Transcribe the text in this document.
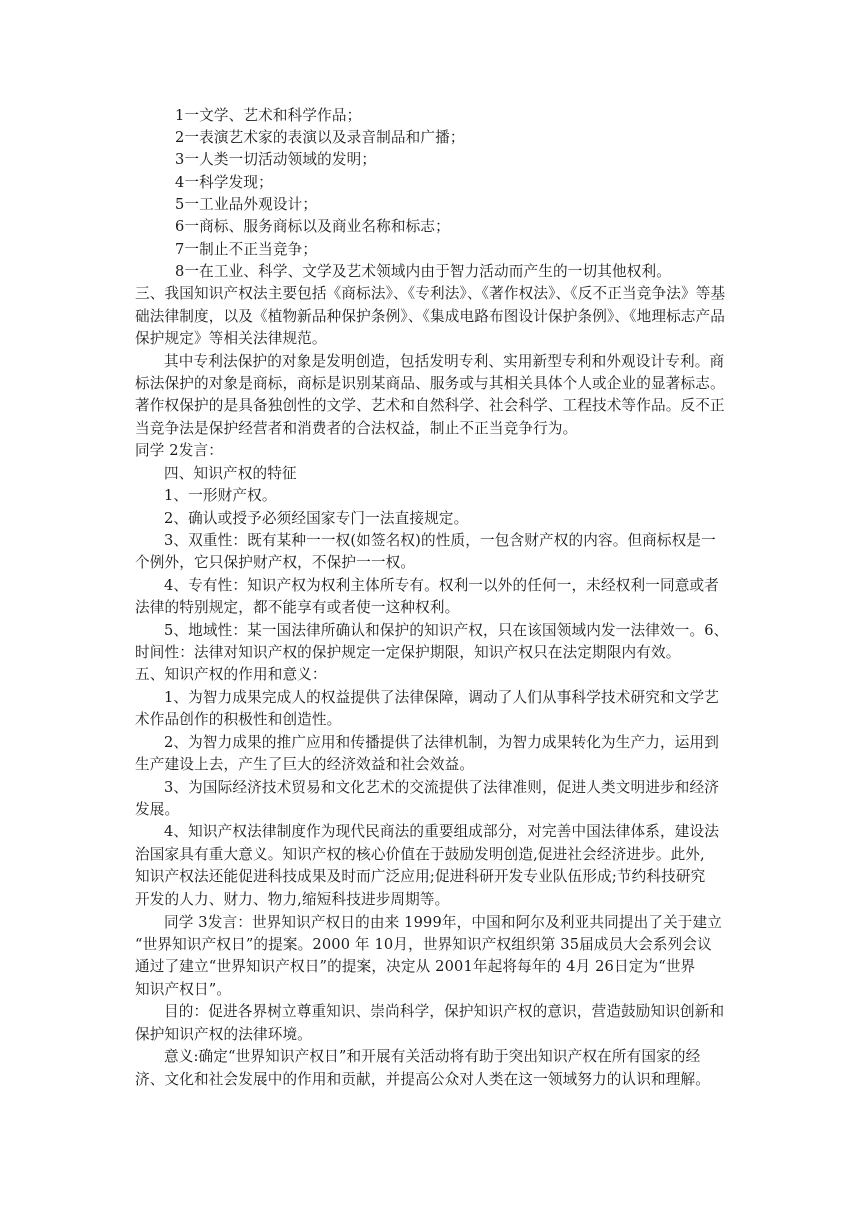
1一文学、艺术和科学作品；
2一表演艺术家的表演以及录音制品和广播；
3一人类一切活动领域的发明；
4一科学发现；
5一工业品外观设计；
6一商标、服务商标以及商业名称和标志；
7一制止不正当竞争；
8一在工业、科学、文学及艺术领域内由于智力活动而产生的一切其他权利。
三、我国知识产权法主要包括《商标法》、《专利法》、《著作权法》、《反不正当竞争法》等基
础法律制度，以及《植物新品种保护条例》、《集成电路布图设计保护条例》、《地理标志产品
保护规定》等相关法律规范。
其中专利法保护的对象是发明创造，包括发明专利、实用新型专利和外观设计专利。商
标法保护的对象是商标，商标是识别某商品、服务或与其相关具体个人或企业的显著标志。
著作权保护的是具备独创性的文学、艺术和自然科学、社会科学、工程技术等作品。反不正
当竞争法是保护经营者和消费者的合法权益，制止不正当竞争行为。
同学 2发言：
四、知识产权的特征
1、一形财产权。
2、确认或授予必须经国家专门一法直接规定。
3、双重性：既有某种一一权(如签名权)的性质，一包含财产权的内容。但商标权是一
个例外，它只保护财产权，不保护一一权。
4、专有性：知识产权为权利主体所专有。权利一以外的任何一，未经权利一同意或者
法律的特别规定，都不能享有或者使一这种权利。
5、地域性：某一国法律所确认和保护的知识产权，只在该国领域内发一法律效一。6、
时间性：法律对知识产权的保护规定一定保护期限，知识产权只在法定期限内有效。
五、知识产权的作用和意义：
1、为智力成果完成人的权益提供了法律保障，调动了人们从事科学技术研究和文学艺
术作品创作的积极性和创造性。
2、为智力成果的推广应用和传播提供了法律机制，为智力成果转化为生产力，运用到
生产建设上去，产生了巨大的经济效益和社会效益。
3、为国际经济技术贸易和文化艺术的交流提供了法律准则，促进人类文明进步和经济
发展。
4、知识产权法律制度作为现代民商法的重要组成部分，对完善中国法律体系，建设法
治国家具有重大意义。知识产权的核心价值在于鼓励发明创造,促进社会经济进步。此外,
知识产权法还能促进科技成果及时而广泛应用;促进科研开发专业队伍形成;节约科技研究
开发的人力、财力、物力,缩短科技进步周期等。
同学 3发言：世界知识产权日的由来 1999年，中国和阿尔及利亚共同提出了关于建立
“世界知识产权日”的提案。2000 年 10月，世界知识产权组织第 35届成员大会系列会议
通过了建立“世界知识产权日”的提案，决定从 2001年起将每年的 4月 26日定为“世界
知识产权日”。
目的：促进各界树立尊重知识、崇尚科学，保护知识产权的意识，营造鼓励知识创新和
保护知识产权的法律环境。
意义:确定“世界知识产权日”和开展有关活动将有助于突出知识产权在所有国家的经
济、文化和社会发展中的作用和贡献，并提高公众对人类在这一领域努力的认识和理解。
